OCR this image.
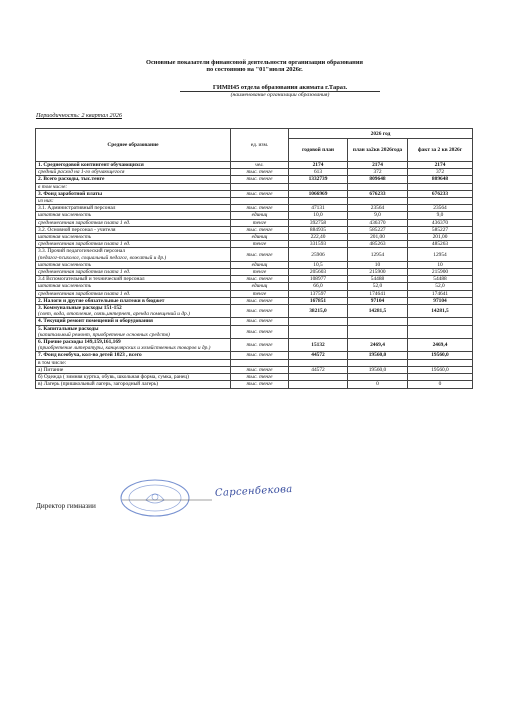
Основные показатели финансовой деятельности организации образования
по состоянию на "01"июля 2026г.
ГИМН45 отдела образования акимата г.Тараз.
(наименование организации образования)
Периодичность: 2 квартал 2026
Среднее образование	ед. изм.	2026 год		
		годовой план	план за2кв 2026года	факт за 2 кв 2026г
1. Среднегодовой контингент обучающихся	чел.	2174	2174	2174
средний расход на 1-го обучающегося	тыс. тенге	613	372	372
2. Всего расходы, тыс.тенге	тыс. тенге	1332739	809648	809648
в том числе:				
3. Фонд заработной платы	тыс. тенге	1066969	676233	676233
из них:				
3.1. Административный персонал	тыс. тенге	47131	23564	23564
штатная численность	единиц	10,0	9,0	9,0
среднемесячная заработная плата 1 ед.	тенге	392758	436370	436370
3.2. Основной персонал - учителя	тыс. тенге	884935	585227	585227
штатная численность	единиц	222,40	201,00	201,00
среднемесячная заработная плата 1 ед.	тенге	331593	485263	485263
3.3. Прочий педагогический персонал
(педагог-психолог, социальный педагог, вожатый и др.)	тыс. тенге	25906	12954	12954
штатная численность	единиц	10,5	10	10
среднемесячная заработная плата 1 ед.	тенге	205603	215900	215900
3.4 Вспомогательный и технический персонал	тыс. тенге	108977	54488	54488
штатная численность	единиц	66,0	52,0	52,0
среднемесячная заработная плата 1 ед.	тенге	137597	174641	174641
2. Налоги и другие обязательные платежи в бюджет	тыс. тенге	167851	97104	97104
3. Коммунальные расходы 151-152
(свет, вода, отопление, связь,интернет, аренда помещений и др.)	тыс. тенге	38215,0	14281,5	14281,5
4. Текущий ремонт помещений и оборудования	тыс. тенге			
5. Капитальные расходы
(капитальный ремонт, приобретение основных средств)	тыс. тенге			
6. Прочие расходы 149,159,161,169
(приобретение литературы, канцелярских и хозяйственных товаров и др.)	тыс. тенге	15132	2469,4	2469,4
7. Фонд всеобуча, кол-во детей 1023 , всего	тыс. тенге	44572	19560,0	19560,0
в том числе:				
а) Питание	тыс. тенге	44572	19560,0	19560,0
б) Одежда ( зимняя куртка, обувь, школьная форма, сумка, ранец)	тыс. тенге			
в) Лагерь (пришкольный лагерь, загородный лагерь)	тыс. тенге		0	0
Директор гимназии
Сарсенбекова
